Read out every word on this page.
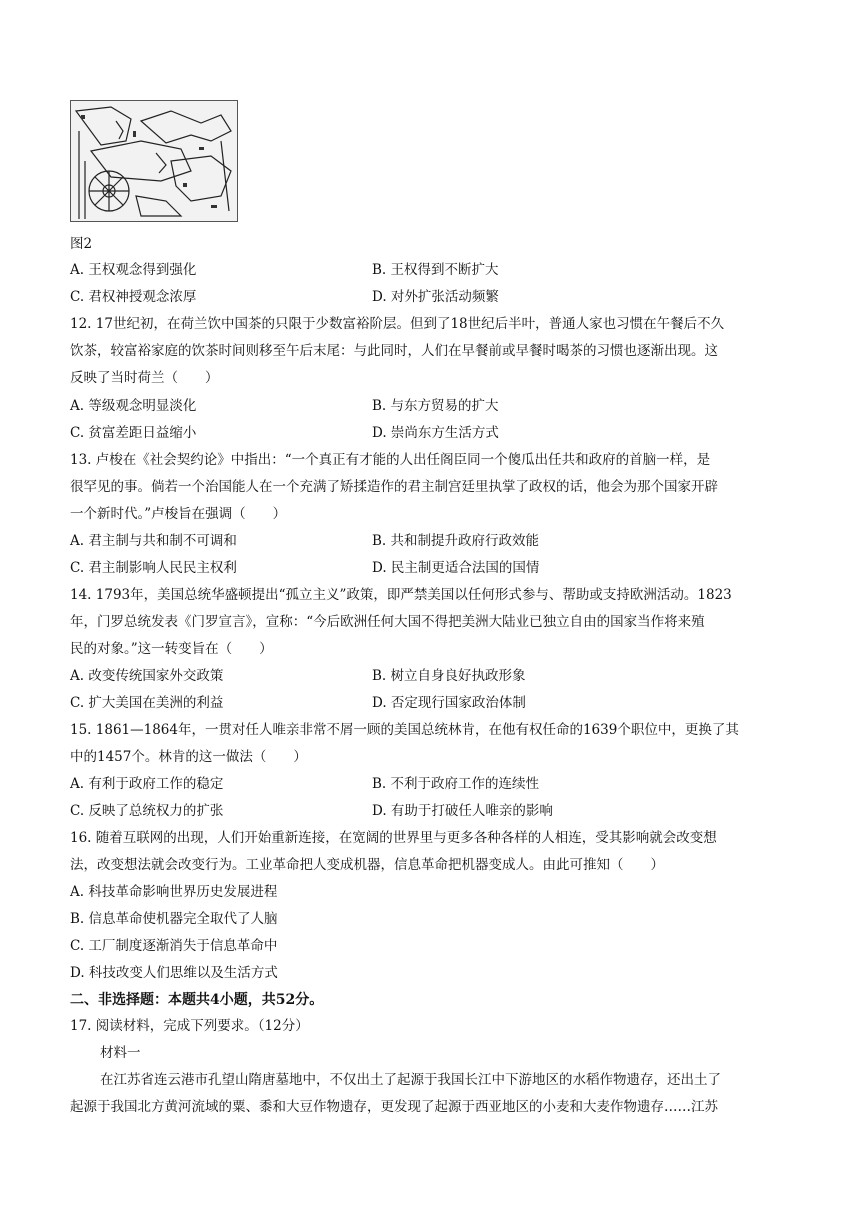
图2
A. 王权观念得到强化	B. 王权得到不断扩大
C. 君权神授观念浓厚	D. 对外扩张活动频繁
12. 17世纪初，在荷兰饮中国茶的只限于少数富裕阶层。但到了18世纪后半叶，普通人家也习惯在午餐后不久
饮茶，较富裕家庭的饮茶时间则移至午后末尾：与此同时，人们在早餐前或早餐时喝茶的习惯也逐渐出现。这
反映了当时荷兰（　　）
A. 等级观念明显淡化	B. 与东方贸易的扩大
C. 贫富差距日益缩小	D. 崇尚东方生活方式
13. 卢梭在《社会契约论》中指出：“一个真正有才能的人出任阁臣同一个傻瓜出任共和政府的首脑一样，是
很罕见的事。倘若一个治国能人在一个充满了矫揉造作的君主制宫廷里执掌了政权的话，他会为那个国家开辟
一个新时代。”卢梭旨在强调（　　）
A. 君主制与共和制不可调和	B. 共和制提升政府行政效能
C. 君主制影响人民民主权利	D. 民主制更适合法国的国情
14. 1793年，美国总统华盛顿提出“孤立主义”政策，即严禁美国以任何形式参与、帮助或支持欧洲活动。1823
年，门罗总统发表《门罗宣言》，宣称：“今后欧洲任何大国不得把美洲大陆业已独立自由的国家当作将来殖
民的对象。”这一转变旨在（　　）
A. 改变传统国家外交政策	B. 树立自身良好执政形象
C. 扩大美国在美洲的利益	D. 否定现行国家政治体制
15. 1861—1864年，一贯对任人唯亲非常不屑一顾的美国总统林肯，在他有权任命的1639个职位中，更换了其
中的1457个。林肯的这一做法（　　）
A. 有利于政府工作的稳定	B. 不利于政府工作的连续性
C. 反映了总统权力的扩张	D. 有助于打破任人唯亲的影响
16. 随着互联网的出现，人们开始重新连接，在宽阔的世界里与更多各种各样的人相连，受其影响就会改变想
法，改变想法就会改变行为。工业革命把人变成机器，信息革命把机器变成人。由此可推知（　　）
A. 科技革命影响世界历史发展进程
B. 信息革命使机器完全取代了人脑
C. 工厂制度逐渐消失于信息革命中
D. 科技改变人们思维以及生活方式
二、非选择题：本题共4小题，共52分。
17. 阅读材料，完成下列要求。（12分）
材料一
在江苏省连云港市孔望山隋唐墓地中，不仅出土了起源于我国长江中下游地区的水稻作物遗存，还出土了
起源于我国北方黄河流域的粟、黍和大豆作物遗存，更发现了起源于西亚地区的小麦和大麦作物遗存……江苏
